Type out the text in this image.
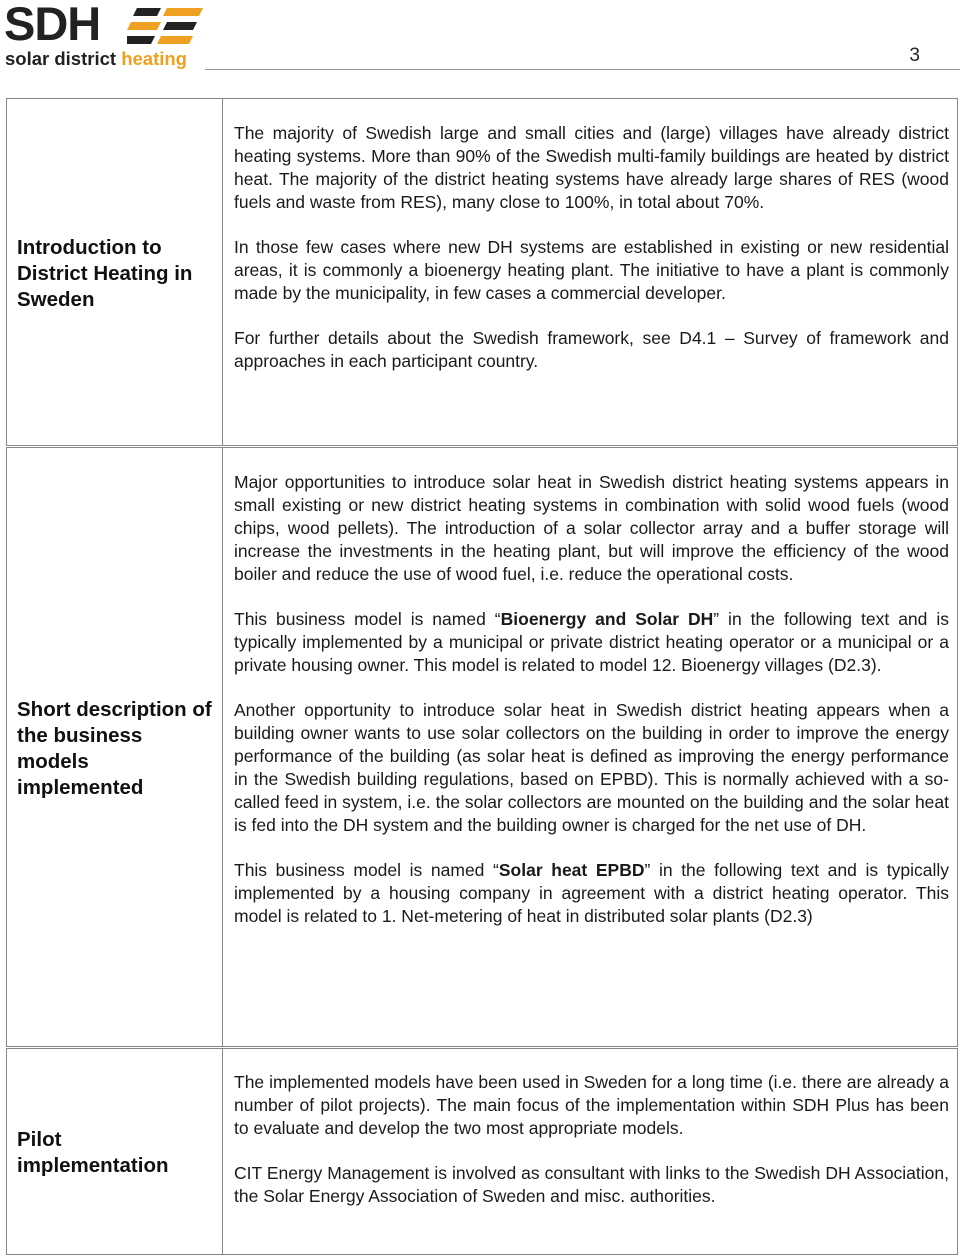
SDH
solar district heating	3
Introduction to District Heating in Sweden

The majority of Swedish large and small cities and (large) villages have already district heating systems. More than 90% of the Swedish multi-family buildings are heated by district heat. The majority of the district heating systems have already large shares of RES (wood fuels and waste from RES), many close to 100%, in total about 70%.

In those few cases where new DH systems are established in existing or new residential areas, it is commonly a bioenergy heating plant. The initiative to have a plant is commonly made by the municipality, in few cases a commercial developer.

For further details about the Swedish framework, see D4.1 – Survey of framework and approaches in each participant country.

Short description of the business models implemented

Major opportunities to introduce solar heat in Swedish district heating systems appears in small existing or new district heating systems in combination with solid wood fuels (wood chips, wood pellets). The introduction of a solar collector array and a buffer storage will increase the investments in the heating plant, but will improve the efficiency of the wood boiler and reduce the use of wood fuel, i.e. reduce the operational costs.

This business model is named “Bioenergy and Solar DH” in the following text and is typically implemented by a municipal or private district heating operator or a municipal or a private housing owner. This model is related to model 12. Bioenergy villages (D2.3).

Another opportunity to introduce solar heat in Swedish district heating appears when a building owner wants to use solar collectors on the building in order to improve the energy performance of the building (as solar heat is defined as improving the energy performance in the Swedish building regulations, based on EPBD). This is normally achieved with a so-called feed in system, i.e. the solar collectors are mounted on the building and the solar heat is fed into the DH system and the building owner is charged for the net use of DH.

This business model is named “Solar heat EPBD” in the following text and is typically implemented by a housing company in agreement with a district heating operator. This model is related to 1. Net-metering of heat in distributed solar plants (D2.3)

Pilot implementation

The implemented models have been used in Sweden for a long time (i.e. there are already a number of pilot projects). The main focus of the implementation within SDH Plus has been to evaluate and develop the two most appropriate models.

CIT Energy Management is involved as consultant with links to the Swedish DH Association, the Solar Energy Association of Sweden and misc. authorities.
